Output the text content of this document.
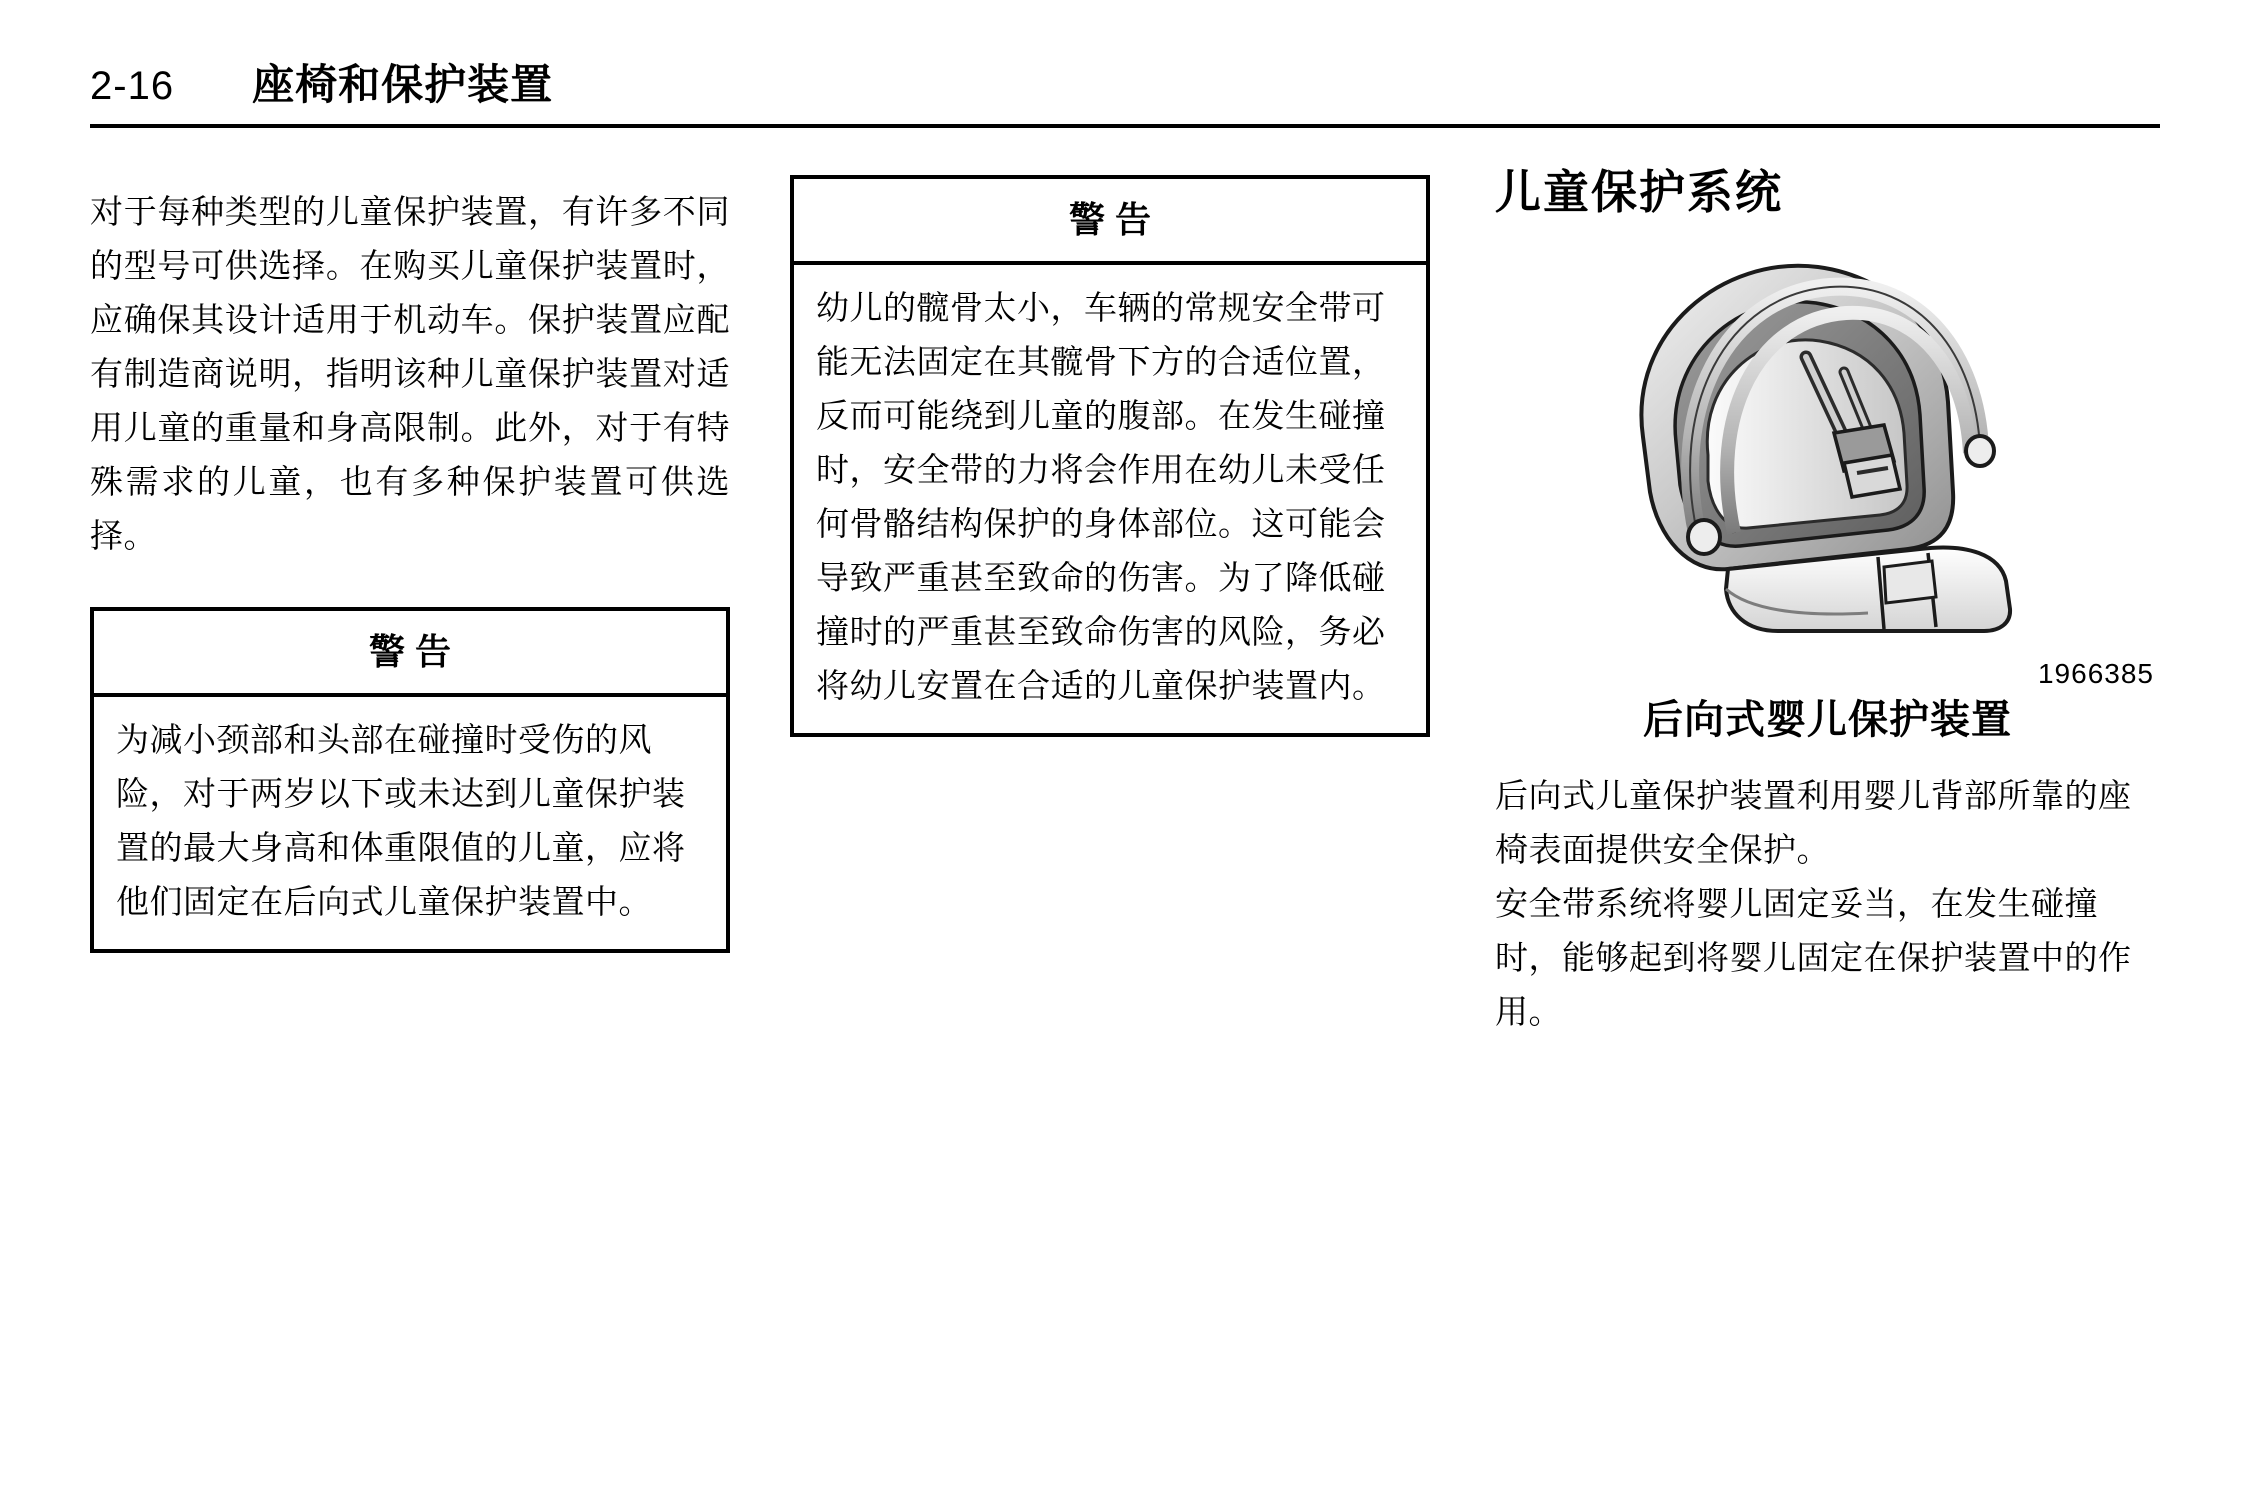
2-16 座椅和保护装置
对于每种类型的儿童保护装置，有许多不同的型号可供选择。在购买儿童保护装置时，应确保其设计适用于机动车。保护装置应配有制造商说明，指明该种儿童保护装置对适用儿童的重量和身高限制。此外，对于有特殊需求的儿童，也有多种保护装置可供选择。
警告
为减小颈部和头部在碰撞时受伤的风险，对于两岁以下或未达到儿童保护装置的最大身高和体重限值的儿童，应将他们固定在后向式儿童保护装置中。
警告
幼儿的髋骨太小，车辆的常规安全带可能无法固定在其髋骨下方的合适位置，反而可能绕到儿童的腹部。在发生碰撞时，安全带的力将会作用在幼儿未受任何骨骼结构保护的身体部位。这可能会导致严重甚至致命的伤害。为了降低碰撞时的严重甚至致命伤害的风险，务必将幼儿安置在合适的儿童保护装置内。
儿童保护系统
1966385
后向式婴儿保护装置
后向式儿童保护装置利用婴儿背部所靠的座椅表面提供安全保护。
安全带系统将婴儿固定妥当，在发生碰撞时，能够起到将婴儿固定在保护装置中的作用。
